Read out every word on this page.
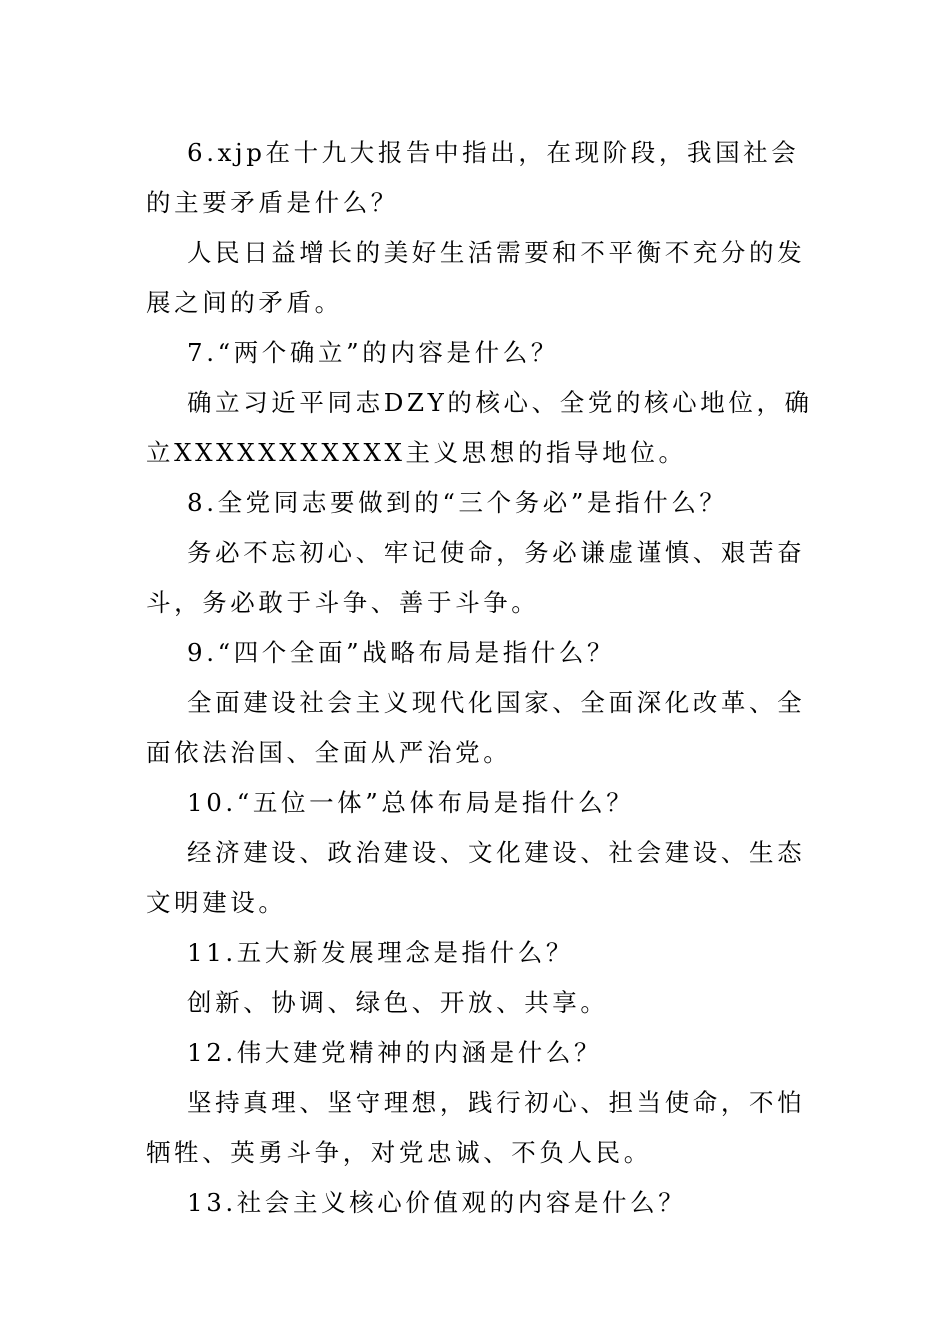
6.xjp在十九大报告中指出，在现阶段，我国社会的主要矛盾是什么？

人民日益增长的美好生活需要和不平衡不充分的发展之间的矛盾。

7.“两个确立”的内容是什么？

确立习近平同志DZY的核心、全党的核心地位，确立XXXXXXXXXXX主义思想的指导地位。

8.全党同志要做到的“三个务必”是指什么？

务必不忘初心、牢记使命，务必谦虚谨慎、艰苦奋斗，务必敢于斗争、善于斗争。

9.“四个全面”战略布局是指什么？

全面建设社会主义现代化国家、全面深化改革、全面依法治国、全面从严治党。

10.“五位一体”总体布局是指什么？

经济建设、政治建设、文化建设、社会建设、生态文明建设。

11.五大新发展理念是指什么？

创新、协调、绿色、开放、共享。

12.伟大建党精神的内涵是什么？

坚持真理、坚守理想，践行初心、担当使命，不怕牺牲、英勇斗争，对党忠诚、不负人民。

13.社会主义核心价值观的内容是什么？
